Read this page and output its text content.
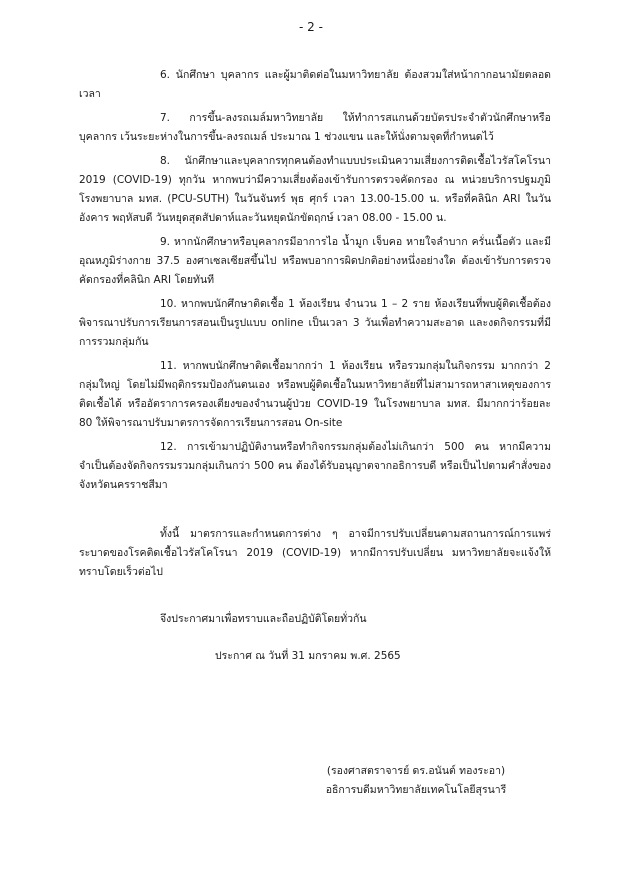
- 2 -

6. นักศึกษา บุคลากร และผู้มาติดต่อในมหาวิทยาลัย ต้องสวมใส่หน้ากากอนามัยตลอดเวลา

7. การขึ้น-ลงรถเมล์มหาวิทยาลัย ให้ทำการสแกนด้วยบัตรประจำตัวนักศึกษาหรือบุคลากร เว้นระยะห่างในการขึ้น-ลงรถเมล์ ประมาณ 1 ช่วงแขน และให้นั่งตามจุดที่กำหนดไว้

8. นักศึกษาและบุคลากรทุกคนต้องทำแบบประเมินความเสี่ยงการติดเชื้อไวรัสโคโรนา 2019 (COVID-19) ทุกวัน หากพบว่ามีความเสี่ยงต้องเข้ารับการตรวจคัดกรอง ณ หน่วยบริการปฐมภูมิ โรงพยาบาล มทส. (PCU-SUTH) ในวันจันทร์ พุธ ศุกร์ เวลา 13.00-15.00 น. หรือที่คลินิก ARI ในวันอังคาร พฤหัสบดี วันหยุดสุดสัปดาห์และวันหยุดนักขัตฤกษ์ เวลา 08.00 - 15.00 น.

9. หากนักศึกษาหรือบุคลากรมีอาการไอ น้ำมูก เจ็บคอ หายใจลำบาก ครั่นเนื้อตัว และมีอุณหภูมิร่างกาย 37.5 องศาเซลเซียสขึ้นไป หรือพบอาการผิดปกติอย่างหนึ่งอย่างใด ต้องเข้ารับการตรวจคัดกรองที่คลินิก ARI โดยทันที

10. หากพบนักศึกษาติดเชื้อ 1 ห้องเรียน จำนวน 1 – 2 ราย ห้องเรียนที่พบผู้ติดเชื้อต้องพิจารณาปรับการเรียนการสอนเป็นรูปแบบ online เป็นเวลา 3 วันเพื่อทำความสะอาด และงดกิจกรรมที่มีการรวมกลุ่มกัน

11. หากพบนักศึกษาติดเชื้อมากกว่า 1 ห้องเรียน หรือรวมกลุ่มในกิจกรรม มากกว่า 2 กลุ่มใหญ่ โดยไม่มีพฤติกรรมป้องกันตนเอง หรือพบผู้ติดเชื้อในมหาวิทยาลัยที่ไม่สามารถหาสาเหตุของการติดเชื้อได้ หรืออัตราการครองเตียงของจำนวนผู้ป่วย COVID-19 ในโรงพยาบาล มทส. มีมากกว่าร้อยละ 80 ให้พิจารณาปรับมาตรการจัดการเรียนการสอน On-site

12. การเข้ามาปฏิบัติงานหรือทำกิจกรรมกลุ่มต้องไม่เกินกว่า 500 คน หากมีความจำเป็นต้องจัดกิจกรรมรวมกลุ่มเกินกว่า 500 คน ต้องได้รับอนุญาตจากอธิการบดี หรือเป็นไปตามคำสั่งของจังหวัดนครราชสีมา

ทั้งนี้ มาตรการและกำหนดการต่าง ๆ อาจมีการปรับเปลี่ยนตามสถานการณ์การแพร่ระบาดของโรคติดเชื้อไวรัสโคโรนา 2019 (COVID-19) หากมีการปรับเปลี่ยน มหาวิทยาลัยจะแจ้งให้ทราบโดยเร็วต่อไป

จึงประกาศมาเพื่อทราบและถือปฏิบัติโดยทั่วกัน

ประกาศ ณ วันที่ 31 มกราคม พ.ศ. 2565

(รองศาสตราจารย์ ดร.อนันต์ ทองระอา)

อธิการบดีมหาวิทยาลัยเทคโนโลยีสุรนารี
